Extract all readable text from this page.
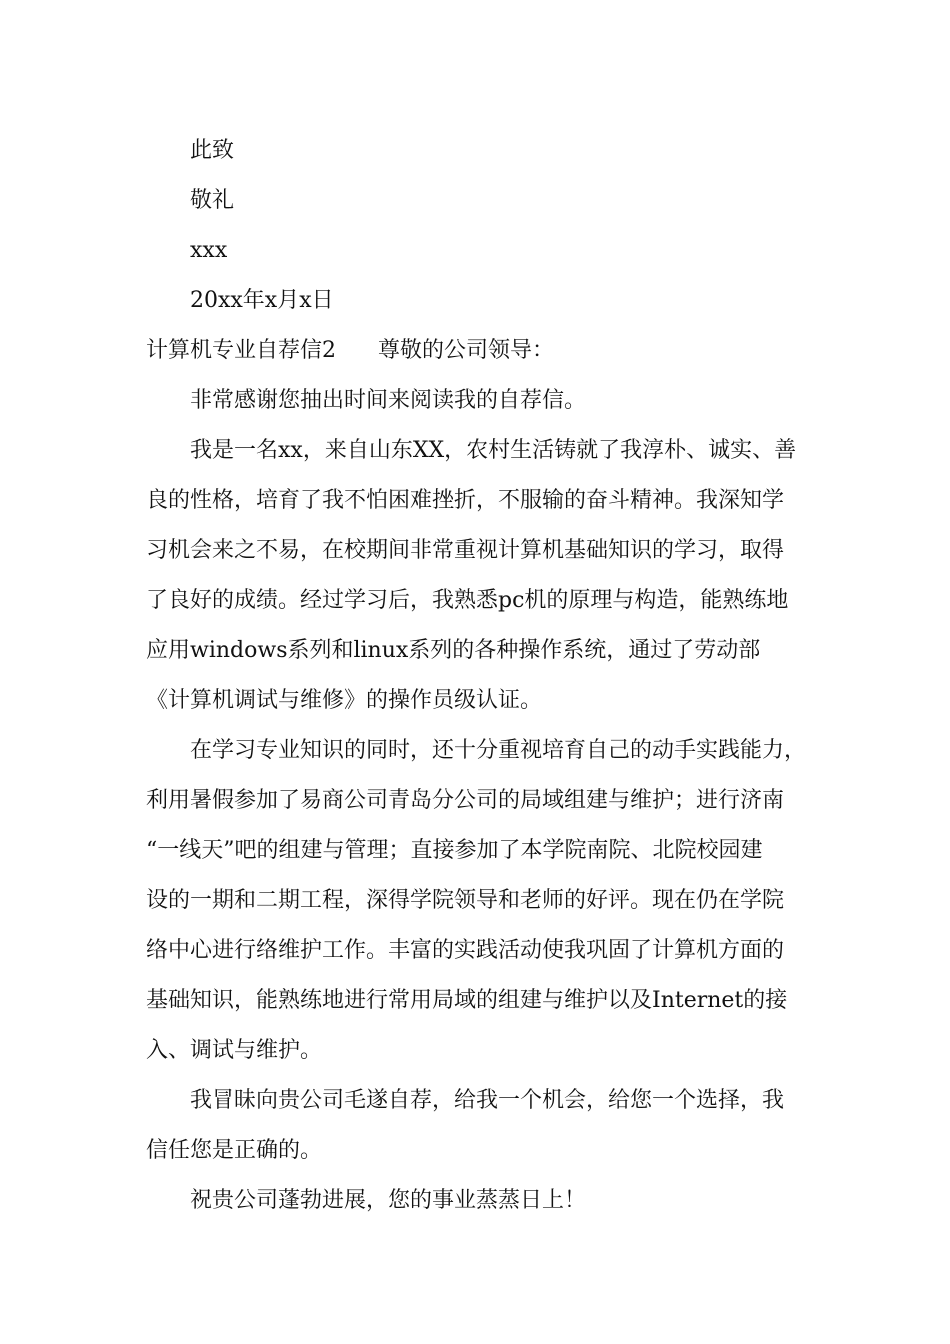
此致
敬礼
xxx
20xx年x月x日
计算机专业自荐信2 尊敬的公司领导：
非常感谢您抽出时间来阅读我的自荐信。
我是一名xx，来自山东XX，农村生活铸就了我淳朴、诚实、善
良的性格，培育了我不怕困难挫折，不服输的奋斗精神。我深知学
习机会来之不易，在校期间非常重视计算机基础知识的学习，取得
了良好的成绩。经过学习后，我熟悉pc机的原理与构造，能熟练地
应用windows系列和linux系列的各种操作系统，通过了劳动部
《计算机调试与维修》的操作员级认证。
在学习专业知识的同时，还十分重视培育自己的动手实践能力，
利用暑假参加了易商公司青岛分公司的局域组建与维护；进行济南
“一线天”吧的组建与管理；直接参加了本学院南院、北院校园建
设的一期和二期工程，深得学院领导和老师的好评。现在仍在学院
络中心进行络维护工作。丰富的实践活动使我巩固了计算机方面的
基础知识，能熟练地进行常用局域的组建与维护以及Internet的接
入、调试与维护。
我冒昧向贵公司毛遂自荐，给我一个机会，给您一个选择，我
信任您是正确的。
祝贵公司蓬勃进展，您的事业蒸蒸日上！
